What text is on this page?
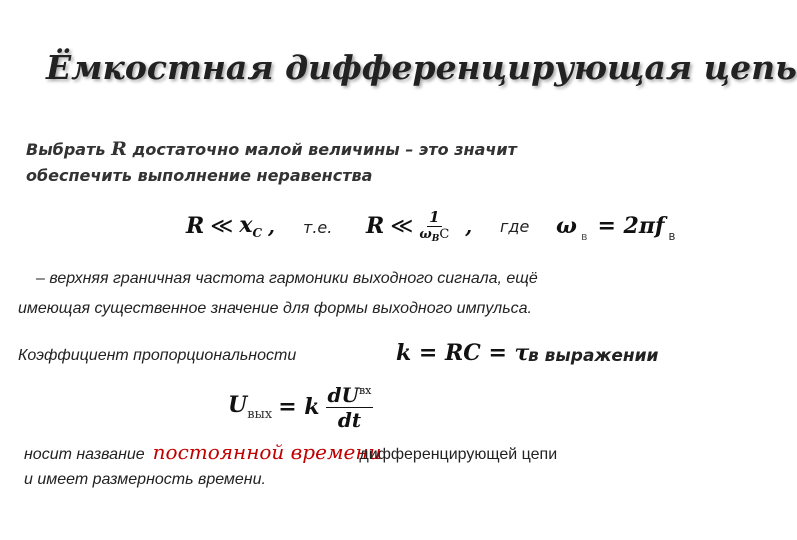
Ёмкостная дифференцирующая цепь
Выбрать R достаточно малой величины – это значит
обеспечить выполнение неравенства
R ≪ $x_C$ , т.е. R ≪ $\frac{1}{\omega_ВC}$ , где ω в = 2πf в
– верхняя граничная частота гармоники выходного сигнала, ещё
имеющая существенное значение для формы выходного импульса.
Коэффициент пропорциональности	k = RC = τ
в выражении
$U_{вых} = k \frac{dU^{вх}}{dt}$
носит название постоянной времени
дифференцирующей цепи
и имеет размерность времени.
